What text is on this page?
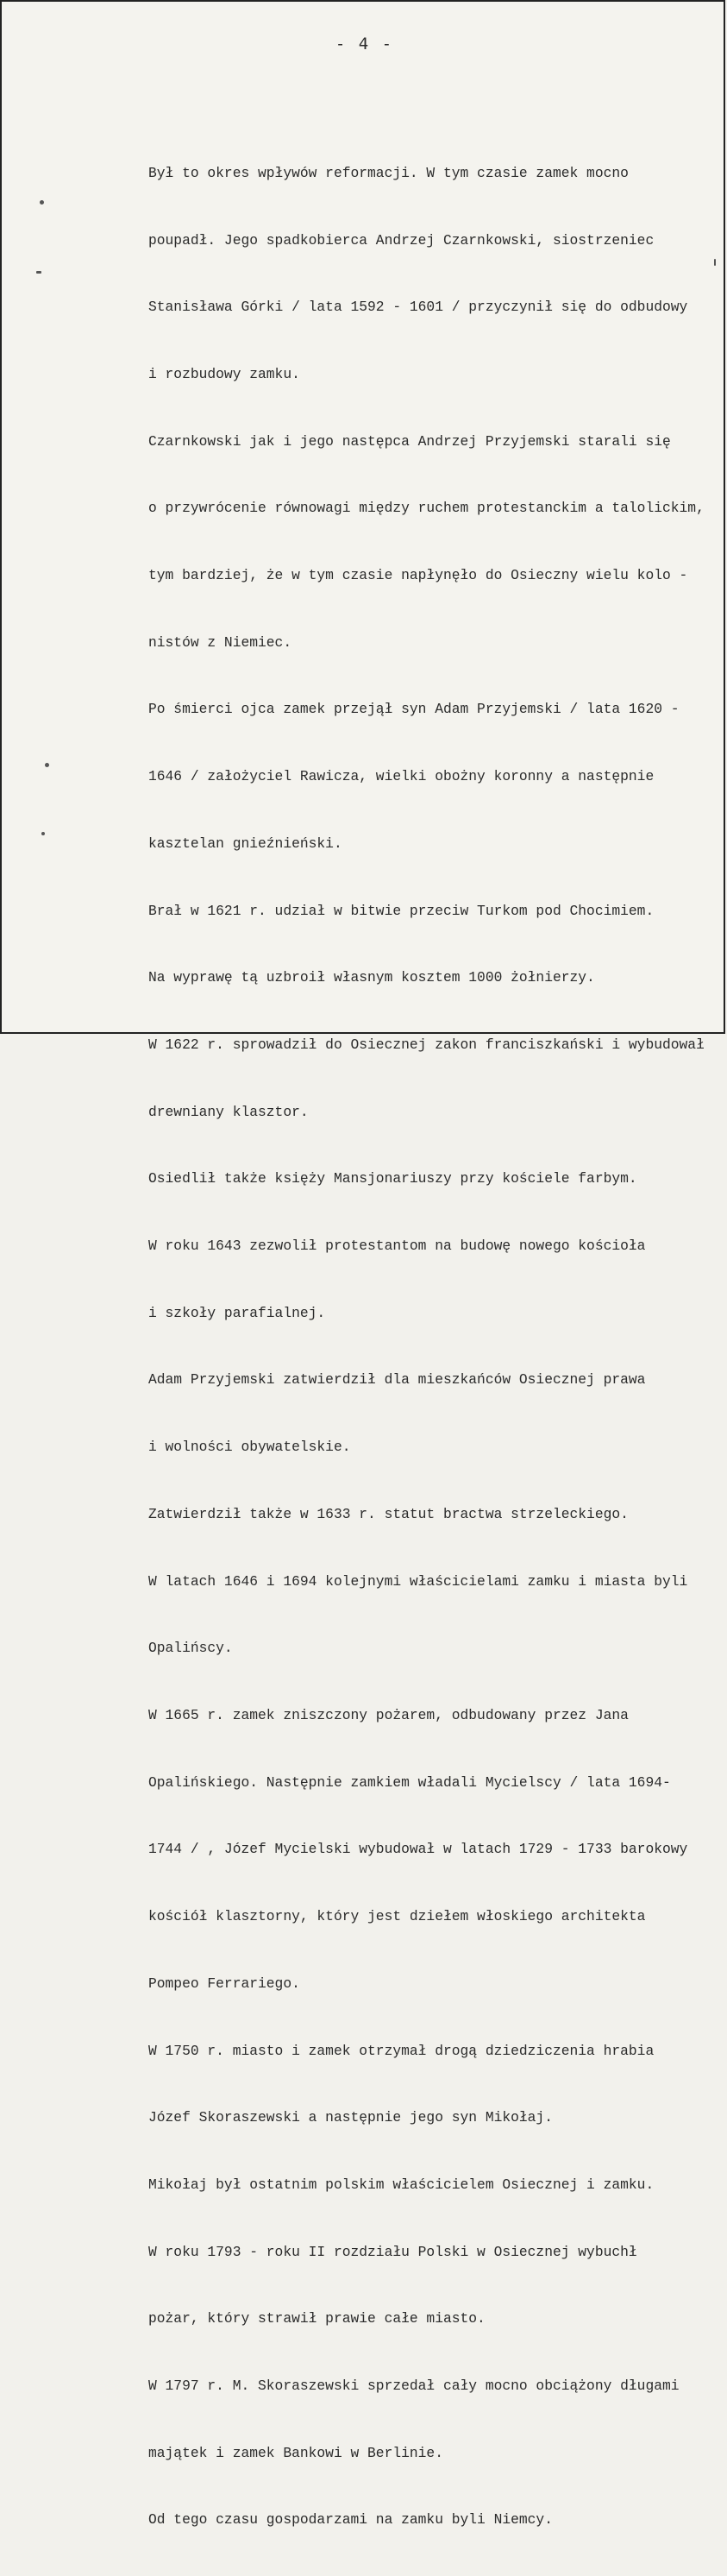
- 4 -

Był to okres wpływów reformacji. W tym czasie zamek mocno

poupadł. Jego spadkobierca Andrzej Czarnkowski, siostrzeniec

Stanisława Górki / lata 1592 - 1601 / przyczynił się do odbudowy

i rozbudowy zamku.

Czarnkowski jak i jego następca Andrzej Przyjemski starali się

o przywrócenie równowagi między ruchem protestanckim a talolickim,

tym bardziej, że w tym czasie napłynęło do Osieczny wielu kolo -

nistów z Niemiec.

Po śmierci ojca zamek przejął syn Adam Przyjemski / lata 1620 -

1646 / założyciel Rawicza, wielki obożny koronny a następnie

kasztelan gnieźnieński.

Brał w 1621 r. udział w bitwie przeciw Turkom pod Chocimiem.

Na wyprawę tą uzbroił własnym kosztem 1000 żołnierzy.

W 1622 r. sprowadził do Osiecznej zakon franciszkański i wybudował

drewniany klasztor.

Osiedlił także księży Mansjonariuszy przy kościele farbym.

W roku 1643 zezwolił protestantom na budowę nowego kościoła

i szkoły parafialnej.

Adam Przyjemski zatwierdził dla mieszkańców Osiecznej prawa

i wolności obywatelskie.

Zatwierdził także w 1633 r. statut bractwa strzeleckiego.

W latach 1646 i 1694 kolejnymi właścicielami zamku i miasta byli

Opalińscy.

W 1665 r. zamek zniszczony pożarem, odbudowany przez Jana

Opalińskiego. Następnie zamkiem władali Mycielscy / lata 1694-

1744 / , Józef Mycielski wybudował w latach 1729 - 1733 barokowy

kościół klasztorny, który jest dziełem włoskiego architekta

Pompeo Ferrariego.

W 1750 r. miasto i zamek otrzymał drogą dziedziczenia hrabia

Józef Skoraszewski a następnie jego syn Mikołaj.

Mikołaj był ostatnim polskim właścicielem Osiecznej i zamku.

W roku 1793 - roku II rozdziału Polski w Osiecznej wybuchł

pożar, który strawił prawie całe miasto.

W 1797 r. M. Skoraszewski sprzedał cały mocno obciążony długami

majątek i zamek Bankowi w Berlinie.

Od tego czasu gospodarzami na zamku byli Niemcy.
